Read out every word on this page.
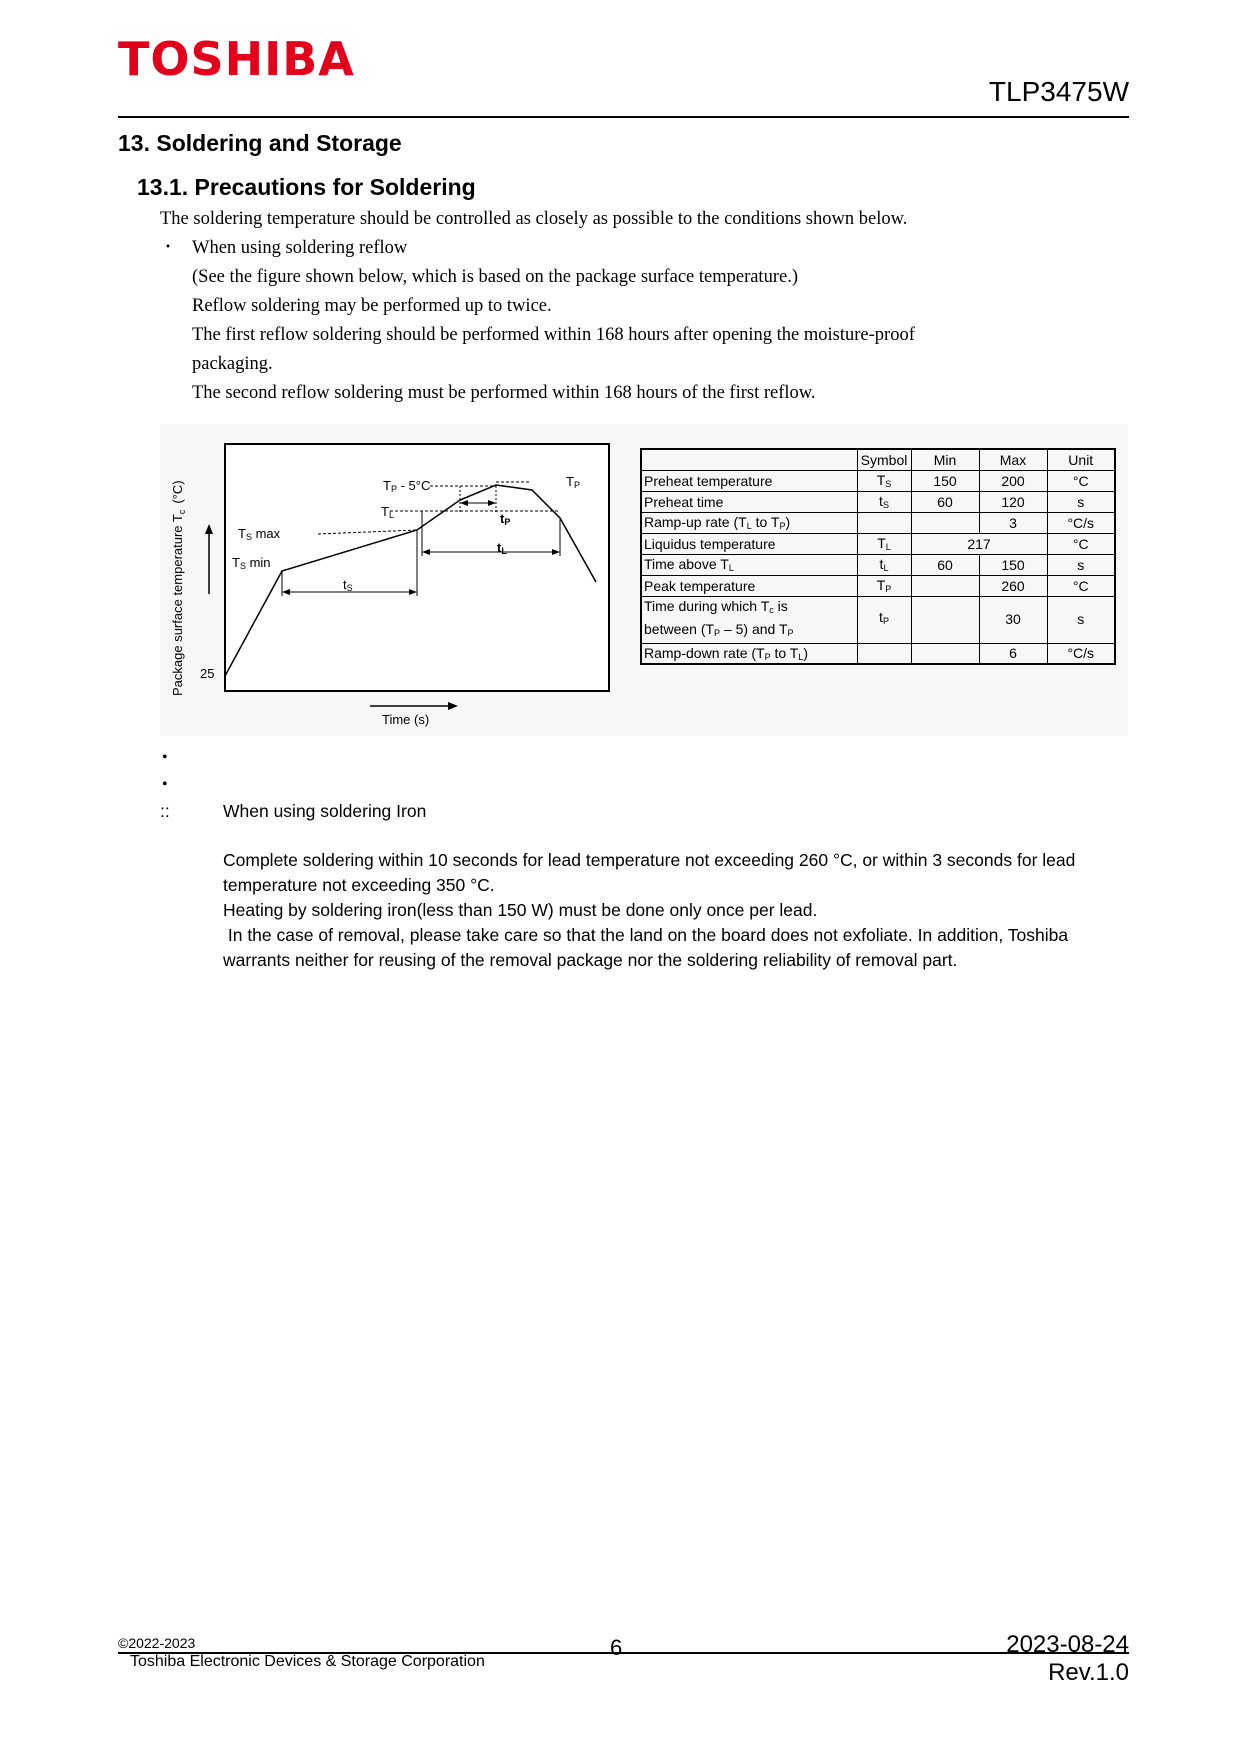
TOSHIBA
TLP3475W
13. Soldering and Storage
13.1. Precautions for Soldering
The soldering temperature should be controlled as closely as possible to the conditions shown below.
・ When using soldering reflow
(See the figure shown below, which is based on the package surface temperature.)
Reflow soldering may be performed up to twice.
The first reflow soldering should be performed within 168 hours after opening the moisture-proof
packaging.
The second reflow soldering must be performed within 168 hours of the first reflow.
Package surface temperature $T_c(^\circ C)$
Time (s)
25
TP - 5°C
TL
TP
TS max
TS min
tP
tL
tS
	Symbol	Min	Max	Unit
Preheat temperature	$T_S$	150	200	°C
Preheat time	$t_S$	60	120	s
Ramp-up rate ($T_L$ to $T_P$)			3	°C/s
Liquidus temperature	$T_L$	217		°C
Time above $T_L$	$t_L$	60	150	s
Peak temperature	$T_P$		260	°C
Time during which $T_c$ is
between $(T_P - 5)$ and $T_P$	$t_P$		30	s
Ramp-down rate ($T_P$ to $T_L$)			6	°C/s
•
•
::	When using soldering Iron
Complete soldering within 10 seconds for lead temperature not exceeding 260 °C, or within 3 seconds for lead
temperature not exceeding 350 °C.
Heating by soldering iron(less than 150 W) must be done only once per lead.
In the case of removal, please take care so that the land on the board does not exfoliate. In addition, Toshiba
warrants neither for reusing of the removal package nor the soldering reliability of removal part.
©2022-2023
Toshiba Electronic Devices & Storage Corporation
6	2023-08-24
Rev.1.0
